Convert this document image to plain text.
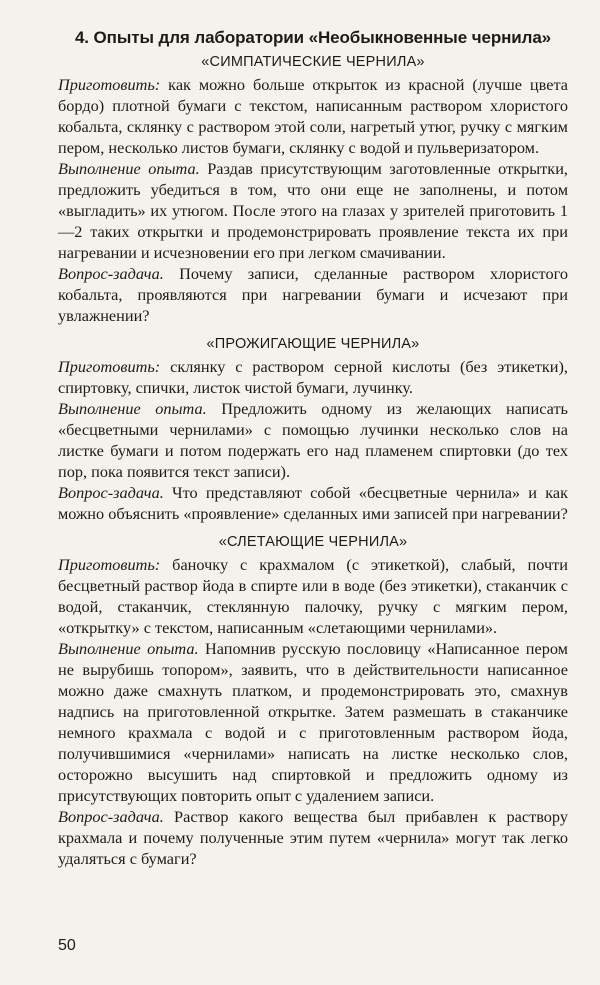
4. Опыты для лаборатории «Необыкновенные чернила»
«СИМПАТИЧЕСКИЕ ЧЕРНИЛА»

Приготовить: как можно больше открыток из красной (лучше цвета бордо) плотной бумаги с текстом, написанным раствором хлористого кобальта, склянку с раствором этой соли, нагретый утюг, ручку с мягким пером, несколько листов бумаги, склянку с водой и пульверизатором.

Выполнение опыта. Раздав присутствующим заготовленные открытки, предложить убедиться в том, что они еще не заполнены, и потом «выгладить» их утюгом. После этого на глазах у зрителей приготовить 1—2 таких открытки и продемонстрировать проявление текста их при нагревании и исчезновении его при легком смачивании.

Вопрос-задача. Почему записи, сделанные раствором хлористого кобальта, проявляются при нагревании бумаги и исчезают при увлажнении?

«ПРОЖИГАЮЩИЕ ЧЕРНИЛА»

Приготовить: склянку с раствором серной кислоты (без этикетки), спиртовку, спички, листок чистой бумаги, лучинку.

Выполнение опыта. Предложить одному из желающих написать «бесцветными чернилами» с помощью лучинки несколько слов на листке бумаги и потом подержать его над пламенем спиртовки (до тех пор, пока появится текст записи).

Вопрос-задача. Что представляют собой «бесцветные чернила» и как можно объяснить «проявление» сделанных ими записей при нагревании?

«СЛЕТАЮЩИЕ ЧЕРНИЛА»

Приготовить: баночку с крахмалом (с этикеткой), слабый, почти бесцветный раствор йода в спирте или в воде (без этикетки), стаканчик с водой, стаканчик, стеклянную палочку, ручку с мягким пером, «открытку» с текстом, написанным «слетающими чернилами».

Выполнение опыта. Напомнив русскую пословицу «Написанное пером не вырубишь топором», заявить, что в действительности написанное можно даже смахнуть платком, и продемонстрировать это, смахнув надпись на приготовленной открытке. Затем размешать в стаканчике немного крахмала с водой и с приготовленным раствором йода, получившимися «чернилами» написать на листке несколько слов, осторожно высушить над спиртовкой и предложить одному из присутствующих повторить опыт с удалением записи.

Вопрос-задача. Раствор какого вещества был прибавлен к раствору крахмала и почему полученные этим путем «чернила» могут так легко удаляться с бумаги?

50
